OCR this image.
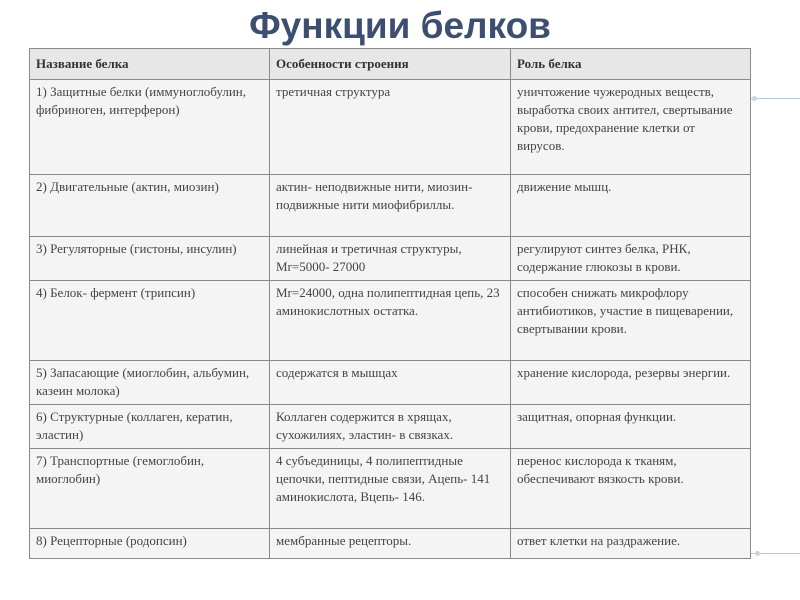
Функции белков
Название белка	Особенности строения	Роль белка
1) Защитные белки (иммуноглобулин, фибриноген, интерферон)	третичная структура	уничтожение чужеродных веществ, выработка своих антител, свертывание крови, предохранение клетки от вирусов.
2) Двигательные (актин, миозин)	актин- неподвижные нити, миозин- подвижные нити миофибриллы.	движение мышц.
3) Регуляторные (гистоны, инсулин)	линейная и третичная структуры, Мr=5000- 27000	регулируют синтез белка, РНК, содержание глюкозы в крови.
4) Белок- фермент (трипсин)	Мr=24000, одна полипептидная цепь, 23 аминокислотных остатка.	способен снижать микрофлору антибиотиков, участие в пищеварении, свертывании крови.
5) Запасающие (миоглобин, альбумин, казеин молока)	содержатся в мышцах	хранение кислорода, резервы энергии.
6) Структурные (коллаген, кератин, эластин)	Коллаген содержится в хрящах, сухожилиях, эластин- в связках.	защитная, опорная функции.
7) Транспортные (гемоглобин, миоглобин)	4 субъединицы, 4 полипептидные цепочки, пептидные связи, Ацепь- 141 аминокислота, Вцепь- 146.	перенос кислорода к тканям, обеспечивают вязкость крови.
8) Рецепторные (родопсин)	мембранные рецепторы.	ответ клетки на раздражение.
